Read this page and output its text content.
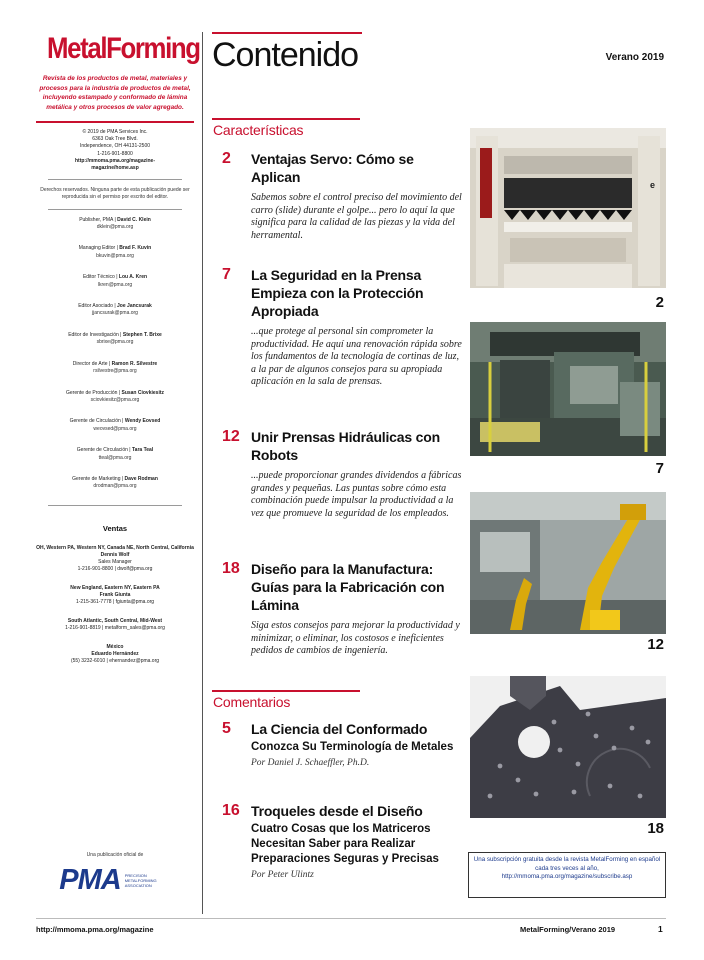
MetalForming
Revista de los productos de metal, materiales y procesos para la industria de productos de metal, incluyendo estampado y conformado de lámina metálica y otros procesos de valor agregado.
© 2019 de PMA Services Inc.
6363 Oak Tree Blvd.
Independence, OH 44131-2500
1-216-901-8800
http://mmoma.pma.org/magazine-
magazine/home.asp
Derechos reservados. Ninguna parte de esta publicación puede ser reproducida sin el permiso por escrito del editor.
Publisher, PMA | David C. Klein
dklein@pma.org
Managing Editor | Brad F. Kuvin
bkuvin@pma.org
Editor Técnico | Lou A. Kren
lkren@pma.org
Editor Asociado | Joe Jancsurak
jjancsurak@pma.org
Editor de Investigación | Stephen T. Brixe
sbrixe@pma.org
Director de Arte | Ramon R. Silvestre
rsilvestre@pma.org
Gerente de Producción | Susan Ciovkiesitz
sciovkiesitz@pma.org
Gerente de Circulación | Wendy Eovsed
weovsed@pma.org
Gerente de Circulación | Tara Teal
tteal@pma.org
Gerente de Marketing | Dave Rodman
drodman@pma.org
Ventas
OH, Western PA, Western NY, Canada NE, North Central, California
Dennis Wolf
Sales Manager
1-216-901-8800 | dwolf@pma.org
New England, Eastern NY, Eastern PA
Frank Giunta
1-215-361-7778 | fgiunta@pma.org
South Atlantic, South Central, Mid-West
1-216-901-8819 | metalform_sales@pma.org
México
Eduardo Hernández
(55) 3232-6010 | ehernandez@pma.org
Una publicación oficial de
PMA PRECISION METALFORMING ASSOCIATION
Contenido	Verano 2019
Características
2	Ventajas Servo: Cómo se Aplican
Sabemos sobre el control preciso del movimiento del carro (slide) durante el golpe... pero lo aquí la que significa para la calidad de las piezas y la vida del herramental.
7	La Seguridad en la Prensa Empieza con la Protección Apropiada
...que protege al personal sin comprometer la productividad. He aquí una renovación rápida sobre los fundamentos de la tecnología de cortinas de luz, a la par de algunos consejos para su apropiada aplicación en la sala de prensas.
12 Unir Prensas Hidráulicas con Robots
...puede proporcionar grandes dividendos a fábricas grandes y pequeñas. Las puntas sobre cómo esta combinación puede impulsar la productividad a la vez que promueve la seguridad de los empleados.
18 Diseño para la Manufactura: Guías para la Fabricación con Lámina
Siga estos consejos para mejorar la productividad y minimizar, o eliminar, los costosos e ineficientes pedidos de cambios de ingeniería.
Comentarios
5	La Ciencia del Conformado
Conozca Su Terminología de Metales
Por Daniel J. Schaeffler, Ph.D.
16 Troqueles desde el Diseño
Cuatro Cosas que los Matriceros Necesitan Saber para Realizar Preparaciones Seguras y Precisas
Por Peter Ulintz
e
2
7
12
18
Una subscripción gratuita desde la revista MetalForming en español cada tres veces al año, http://mmoma.pma.org/magazine/subscribe.asp
http://mmoma.pma.org/magazine	MetalForming/Verano 2019	1
